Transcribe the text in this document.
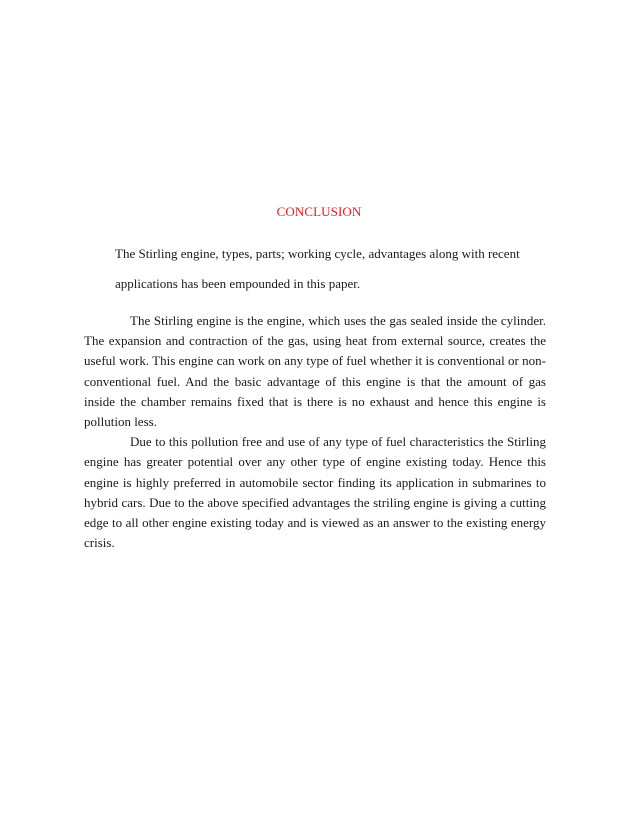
CONCLUSION
The Stirling engine, types, parts; working cycle, advantages along with recent
applications has been empounded in this paper.

The Stirling engine is the engine, which uses the gas sealed inside the cylinder. The expansion and contraction of the gas, using heat from external source, creates the useful work. This engine can work on any type of fuel whether it is conventional or non-conventional fuel. And the basic advantage of this engine is that the amount of gas inside the chamber remains fixed that is there is no exhaust and hence this engine is pollution less.

Due to this pollution free and use of any type of fuel characteristics the Stirling engine has greater potential over any other type of engine existing today. Hence this engine is highly preferred in automobile sector finding its application in submarines to hybrid cars. Due to the above specified advantages the striling engine is giving a cutting edge to all other engine existing today and is viewed as an answer to the existing energy crisis.
